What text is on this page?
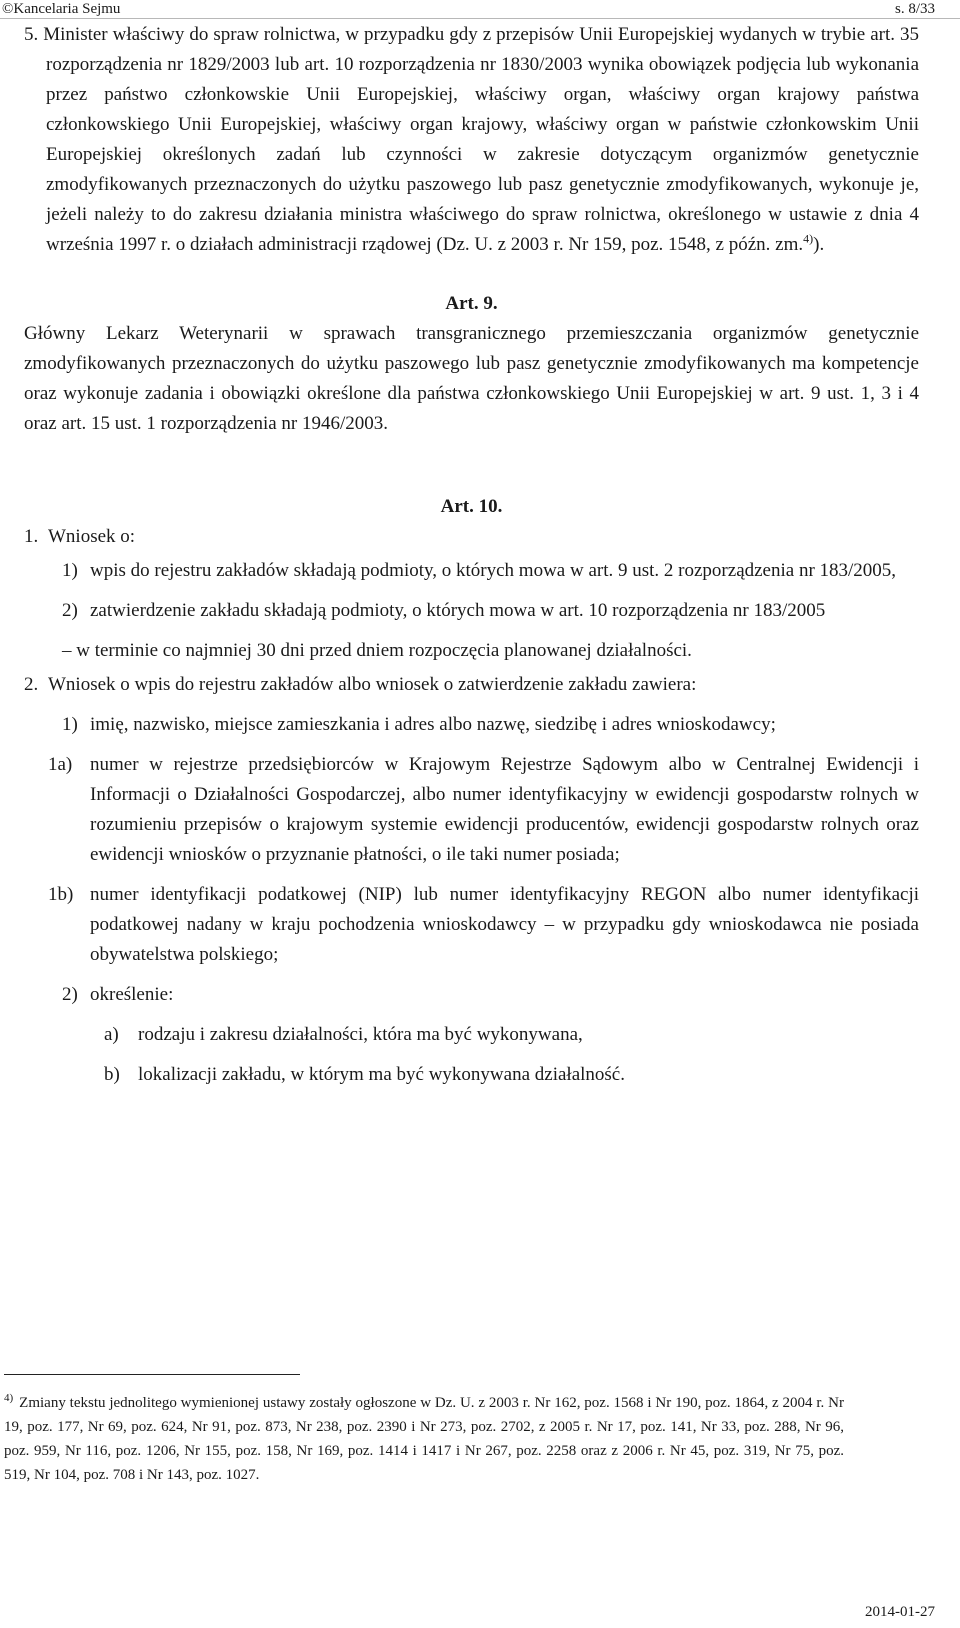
©Kancelaria Sejmu	s. 8/33

5. Minister właściwy do spraw rolnictwa, w przypadku gdy z przepisów Unii Europejskiej wydanych w trybie art. 35 rozporządzenia nr 1829/2003 lub art. 10 rozporządzenia nr 1830/2003 wynika obowiązek podjęcia lub wykonania przez państwo członkowskie Unii Europejskiej, właściwy organ, właściwy organ krajowy państwa członkowskiego Unii Europejskiej, właściwy organ krajowy, właściwy organ w państwie członkowskim Unii Europejskiej określonych zadań lub czynności w zakresie dotyczącym organizmów genetycznie zmodyfikowanych przeznaczonych do użytku paszowego lub pasz genetycznie zmodyfikowanych, wykonuje je, jeżeli należy to do zakresu działania ministra właściwego do spraw rolnictwa, określonego w ustawie z dnia 4 września 1997 r. o działach administracji rządowej (Dz. U. z 2003 r. Nr 159, poz. 1548, z późn. zm.$^{4)}$).

Art. 9.

Główny Lekarz Weterynarii w sprawach transgranicznego przemieszczania organizmów genetycznie zmodyfikowanych przeznaczonych do użytku paszowego lub pasz genetycznie zmodyfikowanych ma kompetencje oraz wykonuje zadania i obowiązki określone dla państwa członkowskiego Unii Europejskiej w art. 9 ust. 1, 3 i 4 oraz art. 15 ust. 1 rozporządzenia nr 1946/2003.

Art. 10.

1. Wniosek o:
1) wpis do rejestru zakładów składają podmioty, o których mowa w art. 9 ust. 2 rozporządzenia nr 183/2005,
2) zatwierdzenie zakładu składają podmioty, o których mowa w art. 10 rozporządzenia nr 183/2005

– w terminie co najmniej 30 dni przed dniem rozpoczęcia planowanej działalności.

2. Wniosek o wpis do rejestru zakładów albo wniosek o zatwierdzenie zakładu zawiera:
1) imię, nazwisko, miejsce zamieszkania i adres albo nazwę, siedzibę i adres wnioskodawcy;
1a) numer w rejestrze przedsiębiorców w Krajowym Rejestrze Sądowym albo w Centralnej Ewidencji i Informacji o Działalności Gospodarczej, albo numer identyfikacyjny w ewidencji gospodarstw rolnych w rozumieniu przepisów o krajowym systemie ewidencji producentów, ewidencji gospodarstw rolnych oraz ewidencji wniosków o przyznanie płatności, o ile taki numer posiada;
1b) numer identyfikacji podatkowej (NIP) lub numer identyfikacyjny REGON albo numer identyfikacji podatkowej nadany w kraju pochodzenia wnioskodawcy – w przypadku gdy wnioskodawca nie posiada obywatelstwa polskiego;
2) określenie:
a)	rodzaju i zakresu działalności, która ma być wykonywana,
b) lokalizacji zakładu, w którym ma być wykonywana działalność.
$^{4)}$ Zmiany tekstu jednolitego wymienionej ustawy zostały ogłoszone w Dz. U. z 2003 r. Nr 162, poz. 1568 i Nr 190, poz. 1864, z 2004 r. Nr 19, poz. 177, Nr 69, poz. 624, Nr 91, poz. 873, Nr 238, poz. 2390 i Nr 273, poz. 2702, z 2005 r. Nr 17, poz. 141, Nr 33, poz. 288, Nr 96, poz. 959, Nr 116, poz. 1206, Nr 155, poz. 158, Nr 169, poz. 1414 i 1417 i Nr 267, poz. 2258 oraz z 2006 r. Nr 45, poz. 319, Nr 75, poz. 519, Nr 104, poz. 708 i Nr 143, poz. 1027.
2014-01-27
